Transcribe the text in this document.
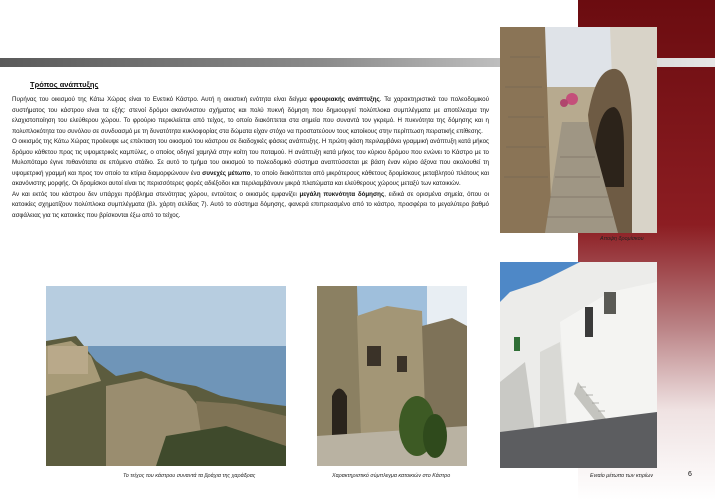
Τρόπος ανάπτυξης

Πυρήνας του οικισμού της Κάτω Χώρας είναι το Ενετικό Κάστρο. Αυτή η οικιστική ενότητα είναι δείγμα φρουριακής ανάπτυξης. Τα χαρακτηριστικά του πολεοδομικού συστήματος του κάστρου είναι τα εξής: στενοί δρόμοι ακανόνιστου σχήματος και πολύ πυκνή δόμηση που δημιουργεί πολύπλοκα συμπλέγματα με αποτέλεσμα την ελαχιστοποίηση του ελεύθερου χώρου. Το φρούριο περικλείεται από τείχος, το οποίο διακόπτεται στα σημεία που συναντά τον γκρεμό. Η πυκνότητα της δόμησης και η πολυπλοκότητα του συνόλου σε συνδυασμό με τη δυνατότητα κυκλοφορίας στα δώματα είχαν στόχο να προστατεύουν τους κατοίκους στην περίπτωση πειρατικής επίθεσης.

Ο οικισμός της Κάτω Χώρας προέκυψε ως επέκταση του οικισμού του κάστρου σε διαδοχικές φάσεις ανάπτυξης. Η πρώτη φάση περιλαμβάνει γραμμική ανάπτυξη κατά μήκος δρόμου κάθετου προς τις υψομετρικές καμπύλες, ο οποίος οδηγεί χαμηλά στην κοίτη του ποταμού. Η ανάπτυξη κατά μήκος του κύριου δρόμου που ενώνει το Κάστρο με το Μυλοπόταμο έγινε πιθανότατα σε επόμενο στάδιο. Σε αυτό το τμήμα του οικισμού το πολεοδομικό σύστημα αναπτύσσεται με βάση έναν κύριο άξονα που ακολουθεί τη υψομετρική γραμμή και προς τον οποίο τα κτίρια διαμορφώνουν ένα συνεχές μέτωπο, το οποίο διακόπτεται από μικρότερους κάθετους δρομίσκους μεταβλητού πλάτους και ακανόνιστης μορφής. Οι δρομίσκοι αυτοί είναι τις περισσότερες φορές αδιέξοδοι και περιλαμβάνουν μικρά πλατώματα και ελεύθερους χώρους μεταξύ των κατοικιών.

Αν και εκτός του κάστρου δεν υπάρχει πρόβλημα στενότητας χώρου, εντούτοις ο οικισμός εμφανίζει μεγάλη πυκνότητα δόμησης, ειδικά σε ορισμένα σημεία, όπου οι κατοικίες σχηματίζουν πολύπλοκα συμπλέγματα (βλ. χάρτη σελίδας 7). Αυτό το σύστημα δόμησης, φανερά επιπρεασμένο από το κάστρο, προσφέρει το μεγαλύτερο βαθμό ασφάλειας για τις κατοικίες που βρίσκονται έξω από το τείχος.

Αποψη δρομίσκου
Το τείχος του κάστρου συναντά τα βράχια της χαράδρας	Χαρακτηριστικό σύμπλεγμα κατοικιών στο Κάστρο	Ενιαίο μέτωπο των κτιρίων	6
